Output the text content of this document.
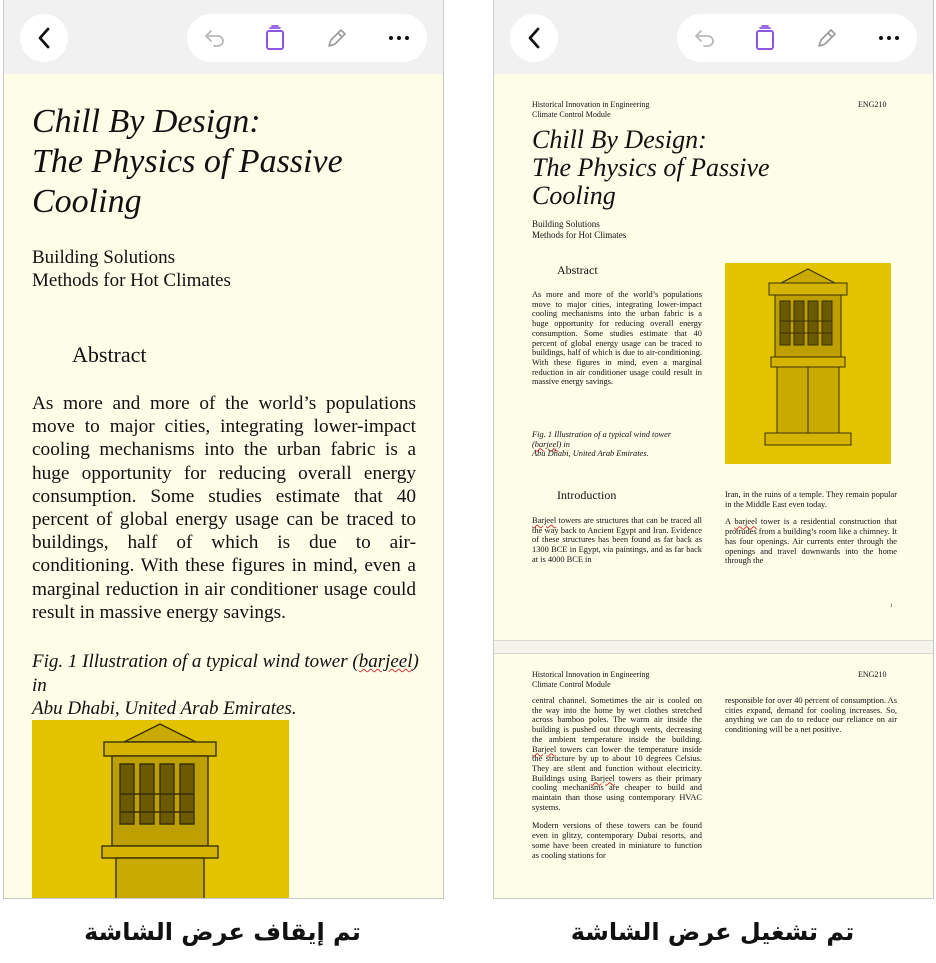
Chill By Design:
The Physics of Passive
Cooling
Building Solutions
Methods for Hot Climates
Abstract
As more and more of the world’s populations move to major cities, integrating lower-impact cooling mechanisms into the urban fabric is a huge opportunity for reducing overall energy consumption. Some studies estimate that 40 percent of global energy usage can be traced to buildings, half of which is due to air-conditioning. With these figures in mind, even a marginal reduction in air conditioner usage could result in massive energy savings.
Fig. 1 Illustration of a typical wind tower (barjeel) in
Abu Dhabi, United Arab Emirates.
Historical Innovation in Engineering
Climate Control Module
ENG210
Chill By Design:
The Physics of Passive
Cooling
Building Solutions
Methods for Hot Climates
Abstract
As more and more of the world’s populations move to major cities, integrating lower-impact cooling mechanisms into the urban fabric is a huge opportunity for reducing overall energy consumption. Some studies estimate that 40 percent of global energy usage can be traced to buildings, half of which is due to air-conditioning. With these figures in mind, even a marginal reduction in air conditioner usage could result in massive energy savings.
Fig. 1 Illustration of a typical wind tower (barjeel) in
Abu Dhabi, United Arab Emirates.
Introduction
Barjeel towers are structures that can be traced all the way back to Ancient Egypt and Iran. Evidence of these structures has been found as far back as 1300 BCE in Egypt, via paintings, and as far back at is 4000 BCE in
Iran, in the ruins of a temple. They remain popular in the Middle East even today.
A barjeel tower is a residential construction that protrudes from a building’s room like a chimney. It has four openings. Air currents enter through the openings and travel downwards into the home through the
1
Historical Innovation in Engineering
Climate Control Module
ENG210
central channel. Sometimes the air is cooled on the way into the home by wet clothes stretched across bamboo poles. The warm air inside the building is pushed out through vents, decreasing the ambient temperature inside the building. Barjeel towers can lower the temperature inside the structure by up to about 10 degrees Celsius. They are silent and function without electricity. Buildings using Barjeel towers as their primary cooling mechanisms are cheaper to build and maintain than those using contemporary HVAC systems.
Modern versions of these towers can be found even in glitzy, contemporary Dubai resorts, and some have been created in miniature to function as cooling stations for
responsible for over 40 percent of consumption. As cities expand, demand for cooling increases. So, anything we can do to reduce our reliance on air conditioning will be a net positive.
تم إيقاف عرض الشاشة	تم تشغيل عرض الشاشة
